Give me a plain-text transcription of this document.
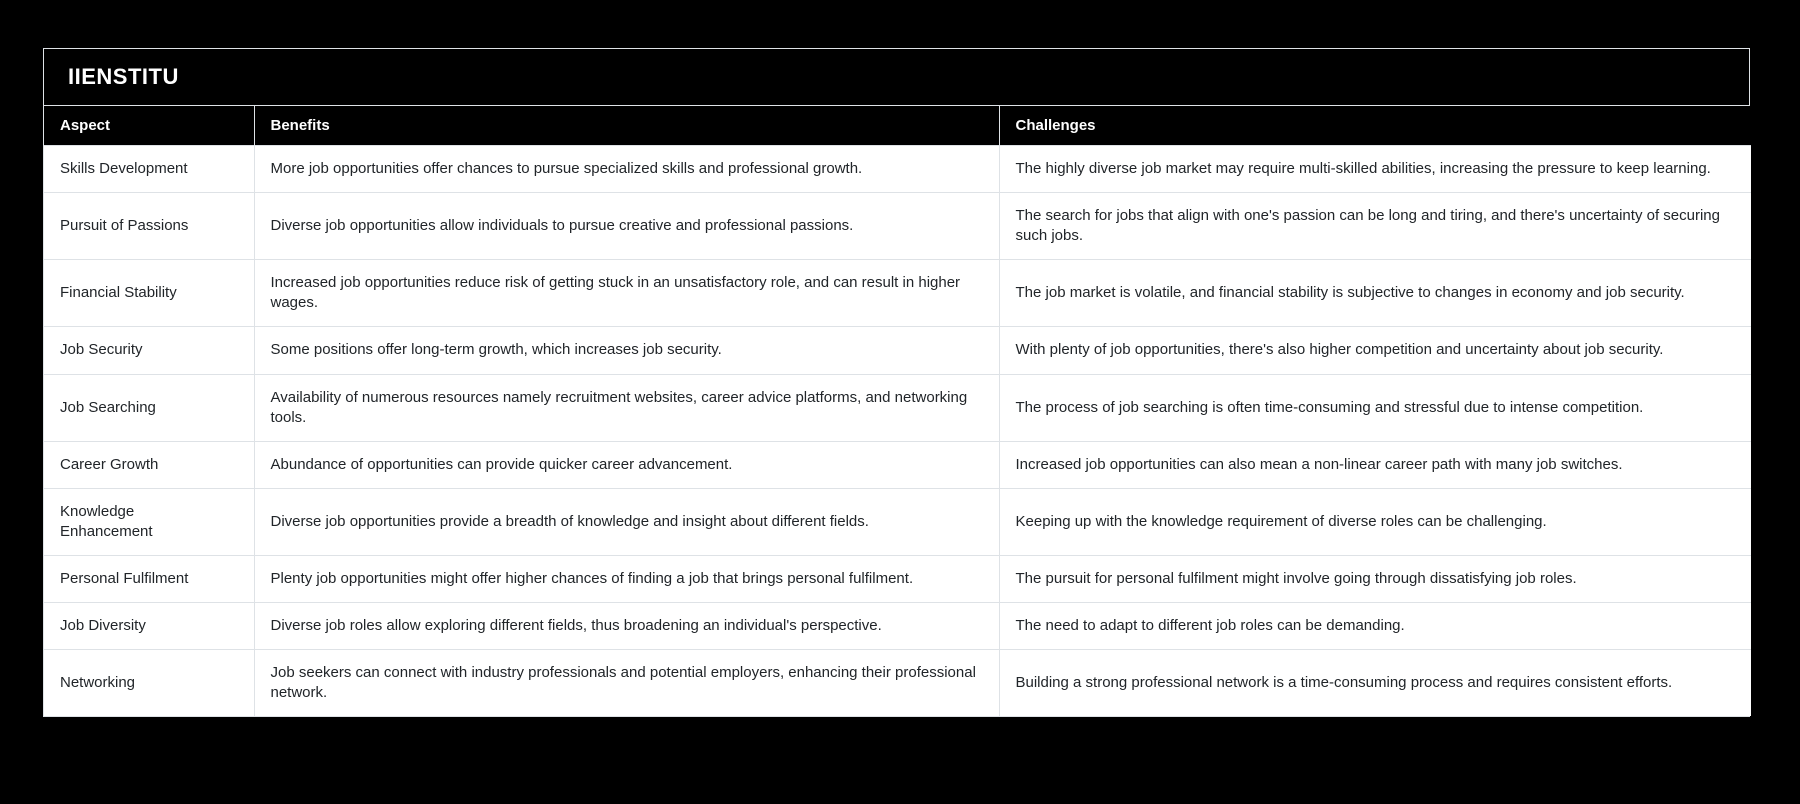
IIENSTITU
Aspect	Benefits	Challenges
Skills Development	More job opportunities offer chances to pursue specialized skills and professional growth.	The highly diverse job market may require multi-skilled abilities, increasing the pressure to keep learning.
Pursuit of Passions	Diverse job opportunities allow individuals to pursue creative and professional passions.	The search for jobs that align with one's passion can be long and tiring, and there's uncertainty of securing such jobs.
Financial Stability	Increased job opportunities reduce risk of getting stuck in an unsatisfactory role, and can result in higher wages.	The job market is volatile, and financial stability is subjective to changes in economy and job security.
Job Security	Some positions offer long-term growth, which increases job security.	With plenty of job opportunities, there's also higher competition and uncertainty about job security.
Job Searching	Availability of numerous resources namely recruitment websites, career advice platforms, and networking tools.	The process of job searching is often time-consuming and stressful due to intense competition.
Career Growth	Abundance of opportunities can provide quicker career advancement.	Increased job opportunities can also mean a non-linear career path with many job switches.
Knowledge Enhancement	Diverse job opportunities provide a breadth of knowledge and insight about different fields.	Keeping up with the knowledge requirement of diverse roles can be challenging.
Personal Fulfilment	Plenty job opportunities might offer higher chances of finding a job that brings personal fulfilment.	The pursuit for personal fulfilment might involve going through dissatisfying job roles.
Job Diversity	Diverse job roles allow exploring different fields, thus broadening an individual's perspective.	The need to adapt to different job roles can be demanding.
Networking	Job seekers can connect with industry professionals and potential employers, enhancing their professional network.	Building a strong professional network is a time-consuming process and requires consistent efforts.
